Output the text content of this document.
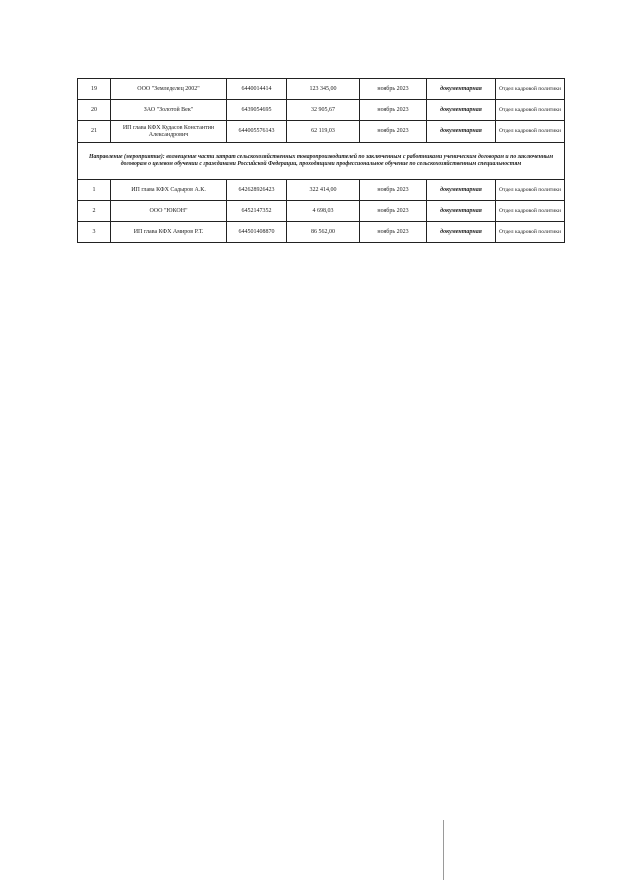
19	ООО "Земледелец 2002"	6440014414	123 345,00	ноябрь 2023	документарная	Отдел кадровой политики
20	ЗАО "Золотой Век"	6439054695	32 905,67	ноябрь 2023	документарная	Отдел кадровой политики
21	ИП глава КФХ Кудасов Константин Александрович	644005576143	62 119,03	ноябрь 2023	документарная	Отдел кадровой политики
Направление (мероприятие): возмещение части затрат сельскохозяйственных товаропроизводителей по заключенным с работниками ученическим договорам и по заключенным договорам о целевом обучении с гражданами Российской Федерации, проходящими профессиональное обучение по сельскохозяйственным специальностям						
1	ИП глава КФХ Садыров А.К.	642628926423	322 414,00	ноябрь 2023	документарная	Отдел кадровой политики
2	ООО "ЮКОН"	6452147352	4 698,03	ноябрь 2023	документарная	Отдел кадровой политики
3	ИП глава КФХ Амиров Р.Т.	644501408870	86 562,00	ноябрь 2023	документарная	Отдел кадровой политики
